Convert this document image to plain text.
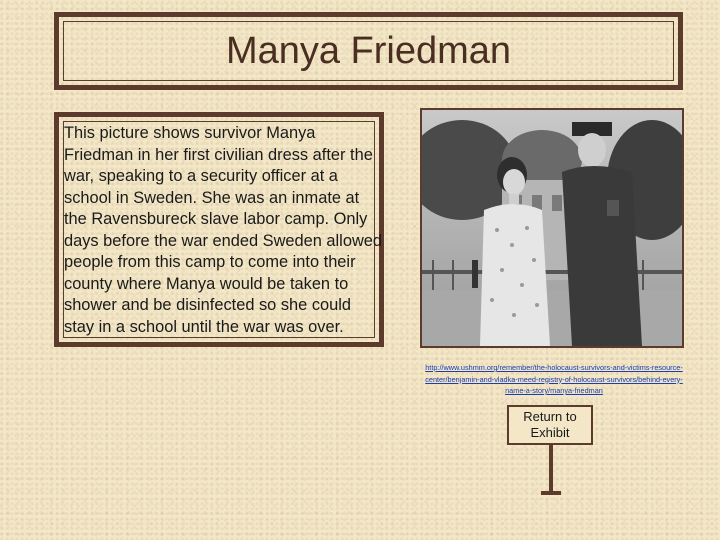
Manya Friedman

This picture shows survivor Manya Friedman in her first civilian dress after the war, speaking to a security officer at a school in Sweden. She was an inmate at the Ravensbureck slave labor camp. Only days before the war ended Sweden allowed people from this camp to come into their county where Manya would be taken to shower and be disinfected so she could stay in a school until the war was over.

http://www.ushmm.org/remember/the-holocaust-survivors-and-victims-resource-center/benjamin-and-vladka-meed-registry-of-holocaust-survivors/behind-every-name-a-story/manya-friedman

Return to Exhibit
